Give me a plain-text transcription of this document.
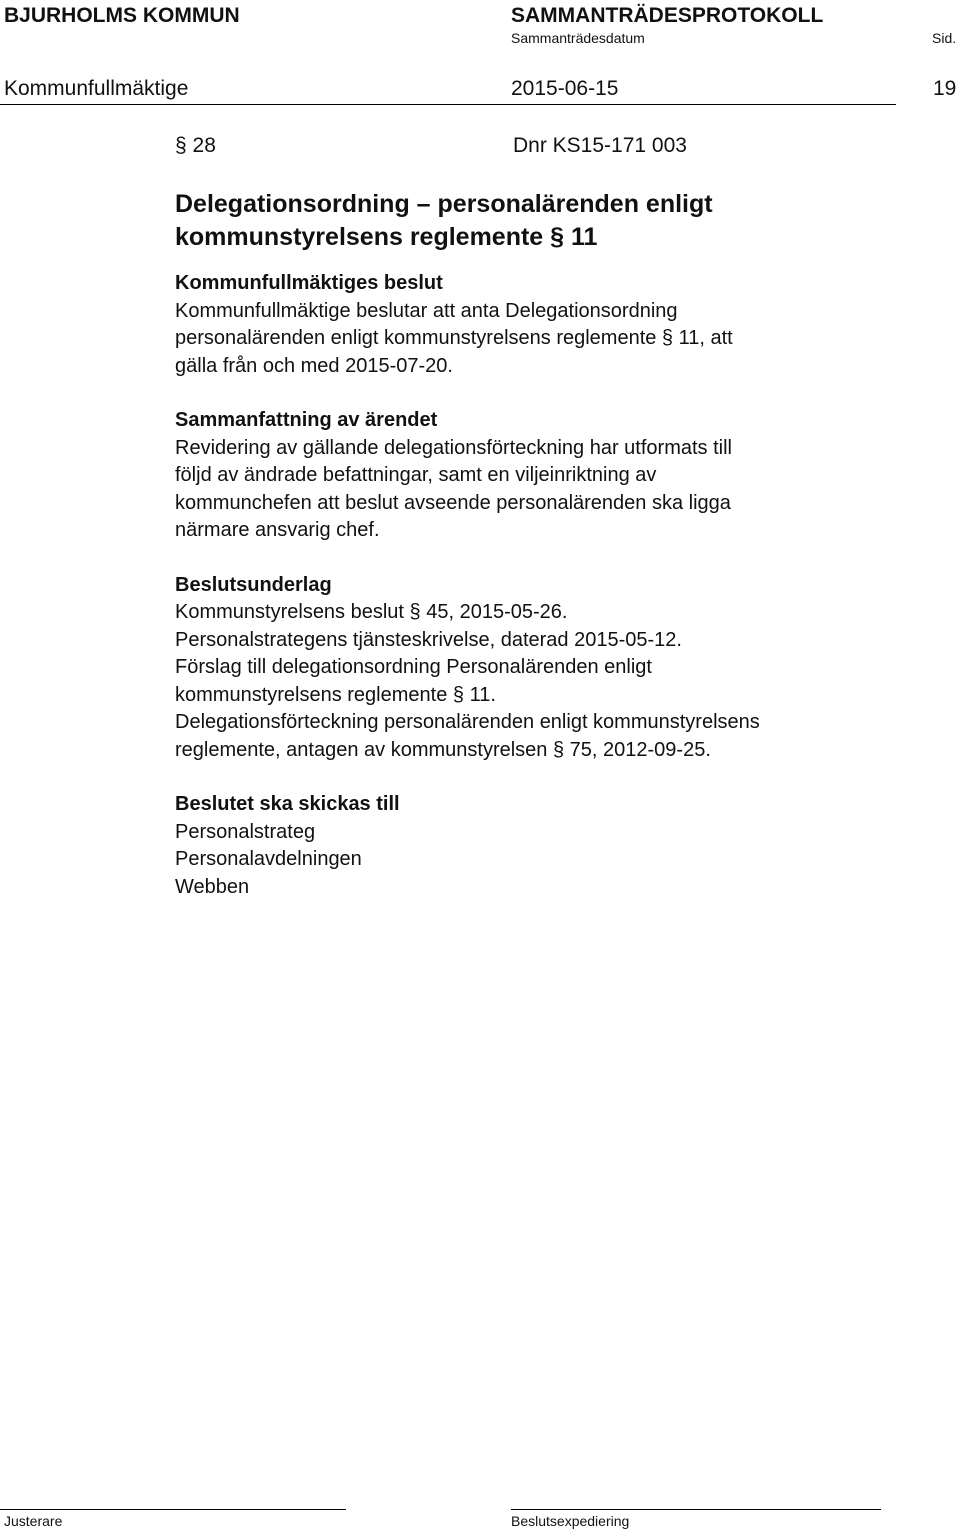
BJURHOLMS KOMMUN	SAMMANTRÄDESPROTOKOLL
Sammanträdesdatum	Sid.
Kommunfullmäktige	2015-06-15	19
§ 28	Dnr KS15-171 003

Delegationsordning – personalärenden enligt

kommunstyrelsens reglemente § 11

Kommunfullmäktiges beslut

Kommunfullmäktige beslutar att anta Delegationsordning

personalärenden enligt kommunstyrelsens reglemente § 11, att

gälla från och med 2015-07-20.

Sammanfattning av ärendet

Revidering av gällande delegationsförteckning har utformats till

följd av ändrade befattningar, samt en viljeinriktning av

kommunchefen att beslut avseende personalärenden ska ligga

närmare ansvarig chef.

Beslutsunderlag

Kommunstyrelsens beslut § 45, 2015-05-26.

Personalstrategens tjänsteskrivelse, daterad 2015-05-12.

Förslag till delegationsordning Personalärenden enligt

kommunstyrelsens reglemente § 11.

Delegationsförteckning personalärenden enligt kommunstyrelsens

reglemente, antagen av kommunstyrelsen § 75, 2012-09-25.

Beslutet ska skickas till

Personalstrateg

Personalavdelningen

Webben

Justerare	Beslutsexpediering
